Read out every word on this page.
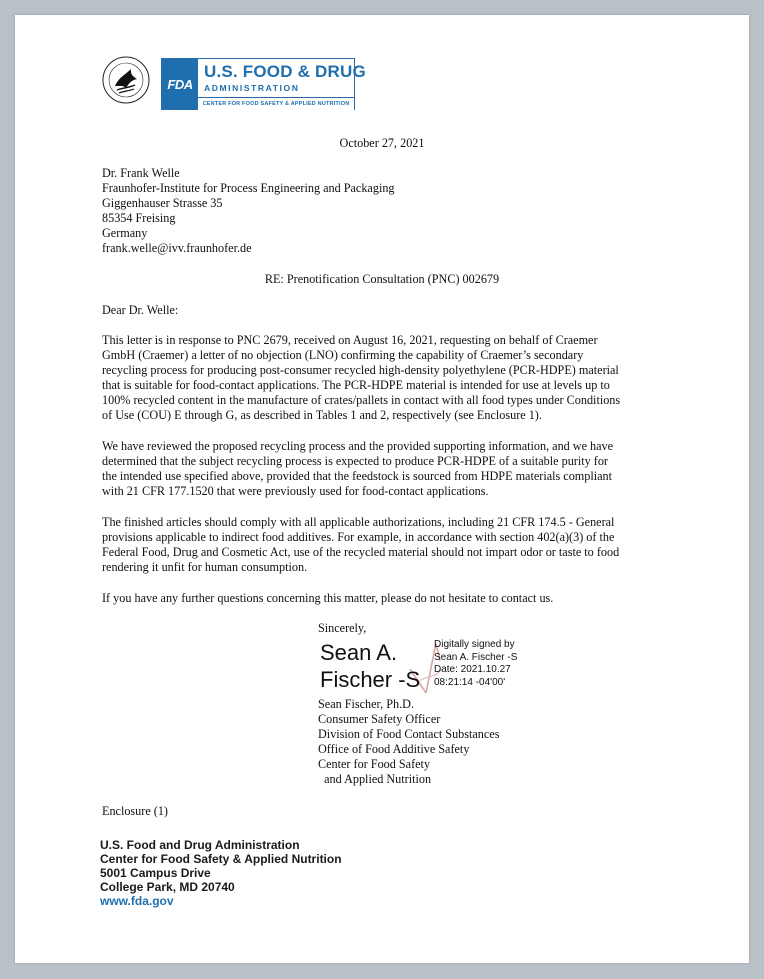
FDA
U.S. FOOD & DRUG
ADMINISTRATION
CENTER FOR FOOD SAFETY & APPLIED NUTRITION
October 27, 2021
Dr. Frank Welle
Fraunhofer-Institute for Process Engineering and Packaging
Giggenhauser Strasse 35
85354 Freising
Germany
frank.welle@ivv.fraunhofer.de
RE: Prenotification Consultation (PNC) 002679
Dear Dr. Welle:
This letter is in response to PNC 2679, received on August 16, 2021, requesting on behalf of Craemer
GmbH (Craemer) a letter of no objection (LNO) confirming the capability of Craemer’s secondary
recycling process for producing post-consumer recycled high-density polyethylene (PCR-HDPE) material
that is suitable for food-contact applications. The PCR-HDPE material is intended for use at levels up to
100% recycled content in the manufacture of crates/pallets in contact with all food types under Conditions
of Use (COU) E through G, as described in Tables 1 and 2, respectively (see Enclosure 1).
We have reviewed the proposed recycling process and the provided supporting information, and we have
determined that the subject recycling process is expected to produce PCR-HDPE of a suitable purity for
the intended use specified above, provided that the feedstock is sourced from HDPE materials compliant
with 21 CFR 177.1520 that were previously used for food-contact applications.
The finished articles should comply with all applicable authorizations, including 21 CFR 174.5 - General
provisions applicable to indirect food additives. For example, in accordance with section 402(a)(3) of the
Federal Food, Drug and Cosmetic Act, use of the recycled material should not impart odor or taste to food
rendering it unfit for human consumption.
If you have any further questions concerning this matter, please do not hesitate to contact us.
Sincerely,
Sean A.
Fischer -S
Digitally signed by
Sean A. Fischer -S
Date: 2021.10.27
08:21:14 -04'00'
Sean Fischer, Ph.D.
Consumer Safety Officer
Division of Food Contact Substances
Office of Food Additive Safety
Center for Food Safety
and Applied Nutrition
Enclosure (1)
U.S. Food and Drug Administration
Center for Food Safety & Applied Nutrition
5001 Campus Drive
College Park, MD 20740
www.fda.gov
